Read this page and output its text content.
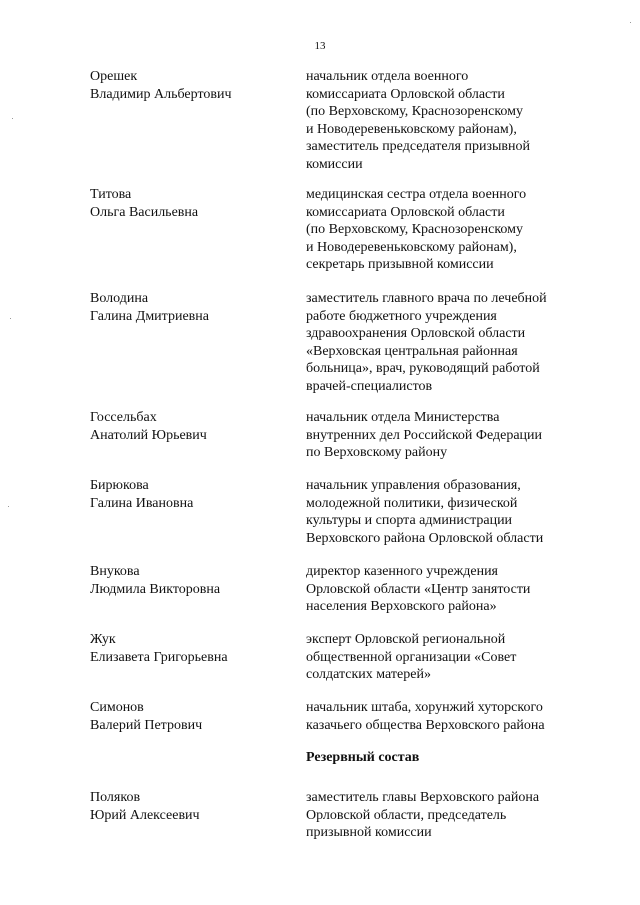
13
Орешек
Владимир Альбертович
начальник отдела военного
комиссариата Орловской области
(по Верховскому, Краснозоренскому
и Новодеревеньковскому районам),
заместитель председателя призывной
комиссии
Титова
Ольга Васильевна
медицинская сестра отдела военного
комиссариата Орловской области
(по Верховскому, Краснозоренскому
и Новодеревеньковскому районам),
секретарь призывной комиссии
Володина
Галина Дмитриевна
заместитель главного врача по лечебной
работе бюджетного учреждения
здравоохранения Орловской области
«Верховская центральная районная
больница», врач, руководящий работой
врачей-специалистов
Госсельбах
Анатолий Юрьевич
начальник отдела Министерства
внутренних дел Российской Федерации
по Верховскому району
Бирюкова
Галина Ивановна
начальник управления образования,
молодежной политики, физической
культуры и спорта администрации
Верховского района Орловской области
Внукова
Людмила Викторовна
директор казенного учреждения
Орловской области «Центр занятости
населения Верховского района»
Жук
Елизавета Григорьевна
эксперт Орловской региональной
общественной организации «Совет
солдатских матерей»
Симонов
Валерий Петрович
начальник штаба, хорунжий хуторского
казачьего общества Верховского района
Резервный состав
Поляков
Юрий Алексеевич
заместитель главы Верховского района
Орловской области, председатель
призывной комиссии
